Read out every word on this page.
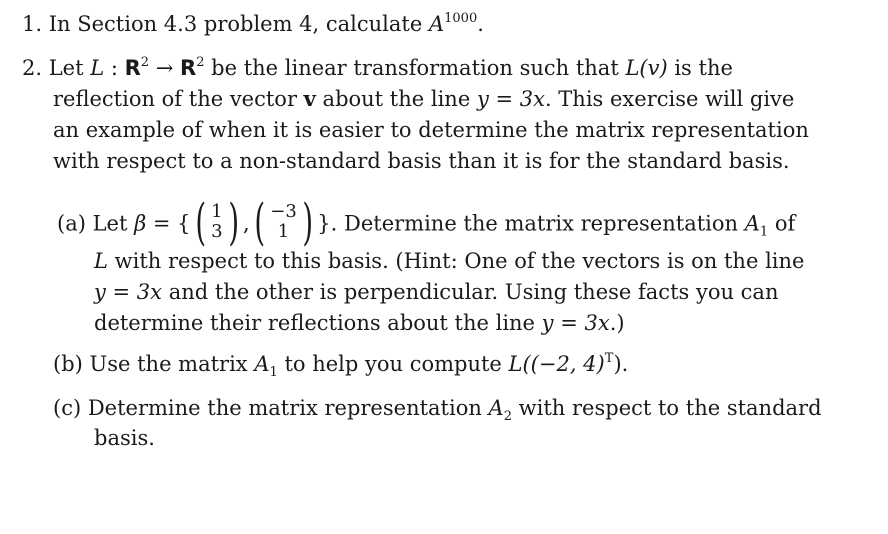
1. In Section 4.3 problem 4, calculate $A^{1000}$.
2. Let L : $R^2 \to R^2$ be the linear transformation such that L(v) is the
reflection of the vector v about the line y = 3x. This exercise will give
an example of when it is easier to determine the matrix representation
with respect to a non-standard basis than it is for the standard basis.
(a) Let β = { ( 1
3 ) , ( −3
1 ) }. Determine the matrix representation $A_1$ of
L with respect to this basis. (Hint: One of the vectors is on the line
y = 3x and the other is perpendicular. Using these facts you can
determine their reflections about the line y = 3x.)
(b) Use the matrix $A_1$ to help you compute L((−2, 4)$^T$).
(c) Determine the matrix representation $A_2$ with respect to the standard
basis.
